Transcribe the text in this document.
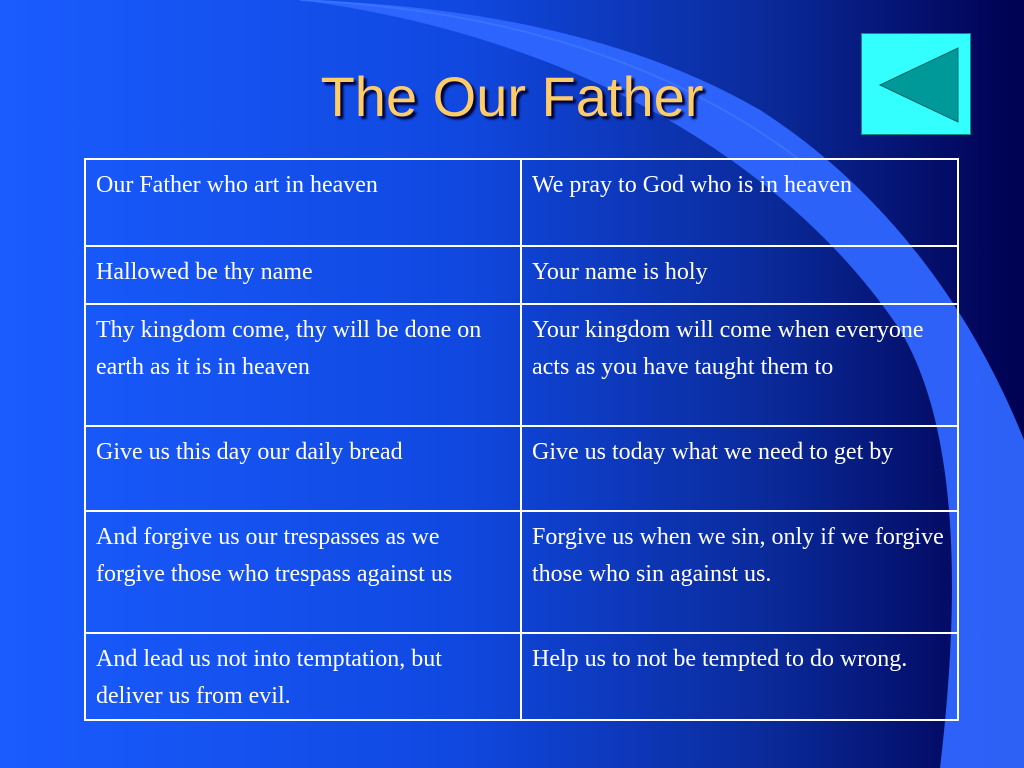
The Our Father
Our Father who art in heaven	We pray to God who is in heaven
Hallowed be thy name	Your name is holy
Thy kingdom come, thy will be done on earth as it is in heaven	Your kingdom will come when everyone acts as you have taught them to
Give us this day our daily bread	Give us today what we need to get by
And forgive us our trespasses as we forgive those who trespass against us	Forgive us when we sin, only if we forgive those who sin against us.
And lead us not into temptation, but deliver us from evil.	Help us to not be tempted to do wrong.
